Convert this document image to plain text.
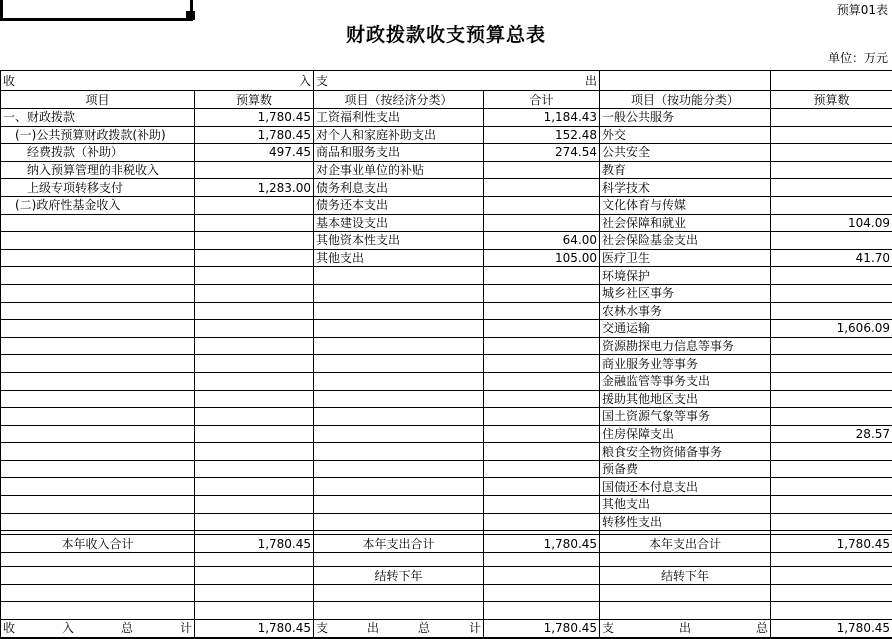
预算01表
财政拨款收支预算总表
单位：万元
收入		支出			
项目	预算数	项目（按经济分类）	合计	项目（按功能分类）	预算数
一、财政拨款	1,780.45	工资福利性支出	1,184.43	一般公共服务	
　(一)公共预算财政拨款(补助)	1,780.45	对个人和家庭补助支出	152.48	外交	
　　经费拨款（补助）	497.45	商品和服务支出	274.54	公共安全	
　　纳入预算管理的非税收入		对企事业单位的补贴		教育	
　　上级专项转移支付	1,283.00	债务利息支出		科学技术	
　(二)政府性基金收入		债务还本支出		文化体育与传媒	
		基本建设支出		社会保障和就业	104.09
		其他资本性支出	64.00	社会保险基金支出	
		其他支出	105.00	医疗卫生	41.70
				环境保护	
				城乡社区事务	
				农林水事务	
				交通运输	1,606.09
				资源勘探电力信息等事务	
				商业服务业等事务	
				金融监管等事务支出	
				援助其他地区支出	
				国土资源气象等事务	
				住房保障支出	28.57
				粮食安全物资储备事务	
				预备费	
				国债还本付息支出	
				其他支出	
				转移性支出	

本年收入合计	1,780.45	本年支出合计	1,780.45	本年支出合计	1,780.45

		结转下年		结转下年	

收入总计	1,780.45	支出总计	1,780.45	支出总	1,780.45
